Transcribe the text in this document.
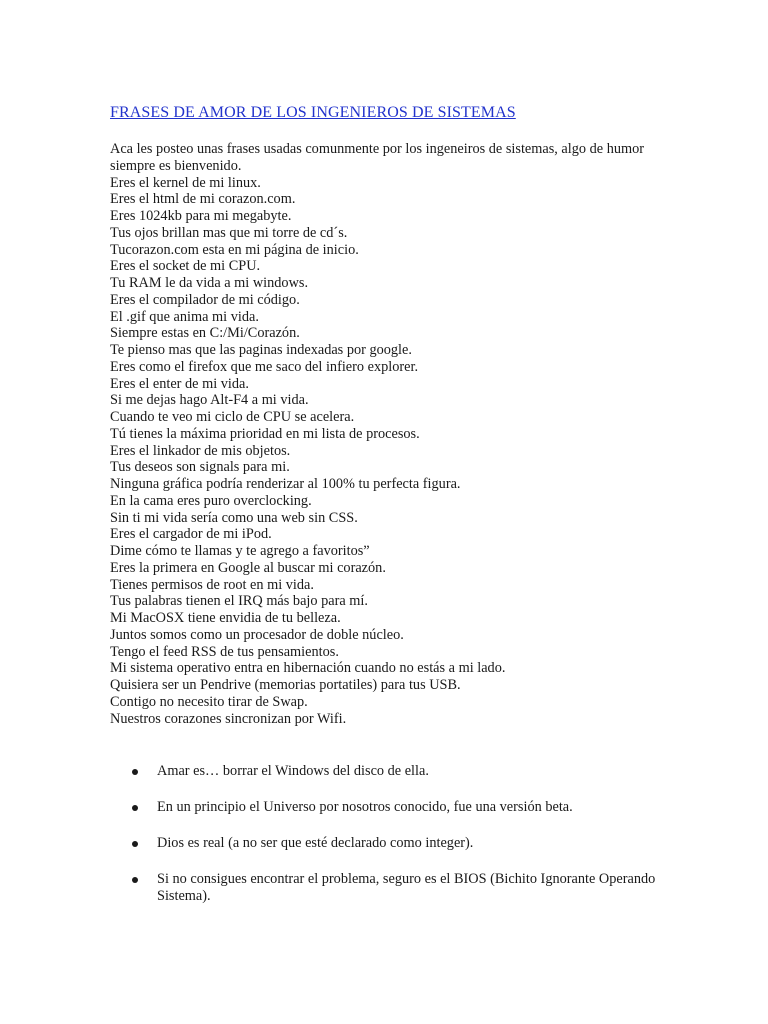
FRASES DE AMOR DE LOS INGENIEROS DE SISTEMAS

Aca les posteo unas frases usadas comunmente por los ingeneiros de sistemas, algo de humor siempre es bienvenido.

Eres el kernel de mi linux.
Eres el html de mi corazon.com.
Eres 1024kb para mi megabyte.
Tus ojos brillan mas que mi torre de cd´s.
Tucorazon.com esta en mi página de inicio.
Eres el socket de mi CPU.
Tu RAM le da vida a mi windows.
Eres el compilador de mi código.
El .gif que anima mi vida.
Siempre estas en C:/Mi/Corazón.
Te pienso mas que las paginas indexadas por google.
Eres como el firefox que me saco del infiero explorer.
Eres el enter de mi vida.
Si me dejas hago Alt-F4 a mi vida.
Cuando te veo mi ciclo de CPU se acelera.
Tú tienes la máxima prioridad en mi lista de procesos.
Eres el linkador de mis objetos.
Tus deseos son signals para mi.
Ninguna gráfica podría renderizar al 100% tu perfecta figura.
En la cama eres puro overclocking.
Sin ti mi vida sería como una web sin CSS.
Eres el cargador de mi iPod.
Dime cómo te llamas y te agrego a favoritos”
Eres la primera en Google al buscar mi corazón.
Tienes permisos de root en mi vida.
Tus palabras tienen el IRQ más bajo para mí.
Mi MacOSX tiene envidia de tu belleza.
Juntos somos como un procesador de doble núcleo.
Tengo el feed RSS de tus pensamientos.
Mi sistema operativo entra en hibernación cuando no estás a mi lado.
Quisiera ser un Pendrive (memorias portatiles) para tus USB.
Contigo no necesito tirar de Swap.
Nuestros corazones sincronizan por Wifi.
Amar es… borrar el Windows del disco de ella.
En un principio el Universo por nosotros conocido, fue una versión beta.
Dios es real (a no ser que esté declarado como integer).
Si no consigues encontrar el problema, seguro es el BIOS (Bichito Ignorante Operando Sistema).
